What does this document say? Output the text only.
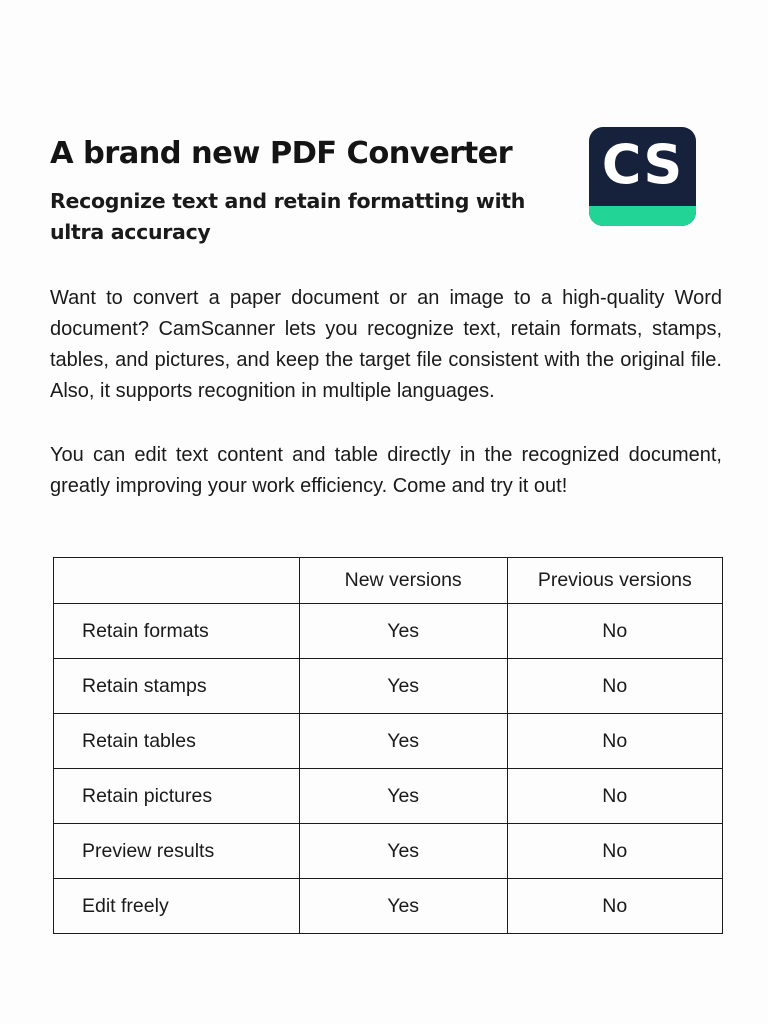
A brand new PDF Converter
Recognize text and retain formatting with ultra accuracy
CS

Want to convert a paper document or an image to a high-quality Word document? CamScanner lets you recognize text, retain formats, stamps, tables, and pictures, and keep the target file consistent with the original file. Also, it supports recognition in multiple languages.

You can edit text content and table directly in the recognized document, greatly improving your work efficiency. Come and try it out!

	New versions	Previous versions
Retain formats	Yes	No
Retain stamps	Yes	No
Retain tables	Yes	No
Retain pictures	Yes	No
Preview results	Yes	No
Edit freely	Yes	No
